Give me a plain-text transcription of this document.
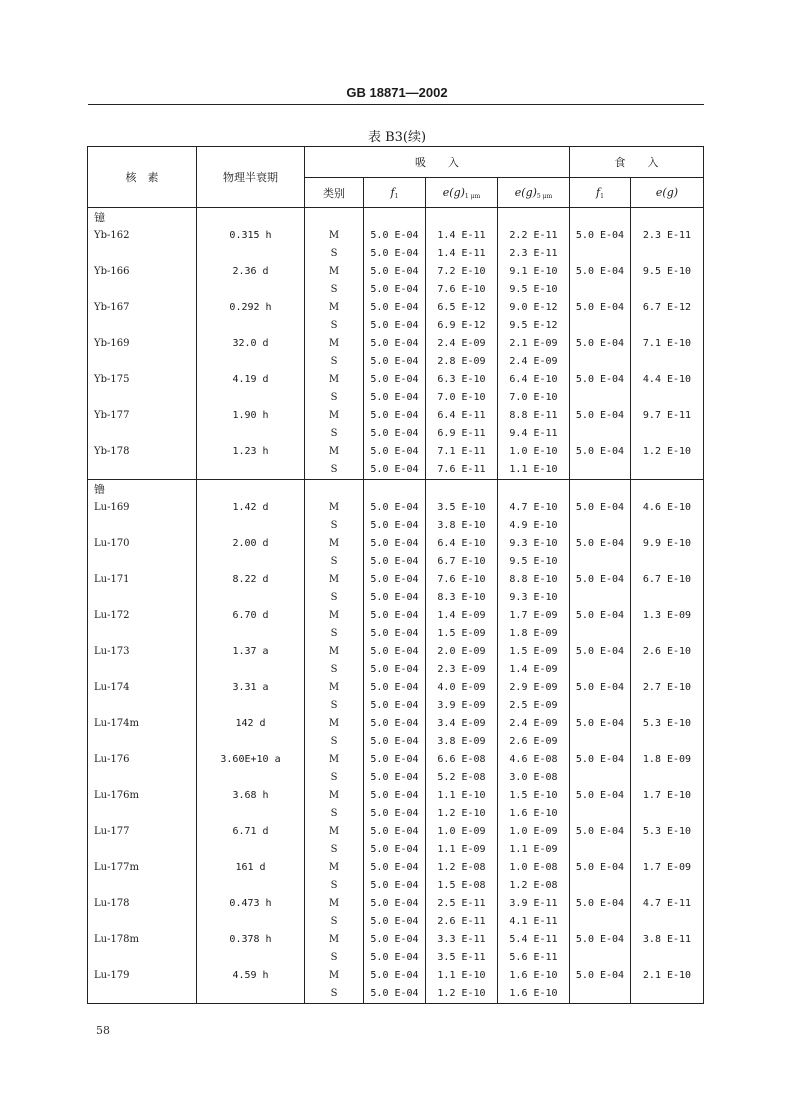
GB 18871—2002
表 B3(续)
核　素	物理半衰期	吸　　入				食　　入	
		类别	$f_1$	$e(g)_{1 \mu m}$	$e(g)_{5 \mu m}$	$f_1$	e(g)
镱							
Yb-162	0.315 h	M	5.0 E-04	1.4 E-11	2.2 E-11	5.0 E-04	2.3 E-11
		S	5.0 E-04	1.4 E-11	2.3 E-11		
Yb-166	2.36 d	M	5.0 E-04	7.2 E-10	9.1 E-10	5.0 E-04	9.5 E-10
		S	5.0 E-04	7.6 E-10	9.5 E-10		
Yb-167	0.292 h	M	5.0 E-04	6.5 E-12	9.0 E-12	5.0 E-04	6.7 E-12
		S	5.0 E-04	6.9 E-12	9.5 E-12		
Yb-169	32.0 d	M	5.0 E-04	2.4 E-09	2.1 E-09	5.0 E-04	7.1 E-10
		S	5.0 E-04	2.8 E-09	2.4 E-09		
Yb-175	4.19 d	M	5.0 E-04	6.3 E-10	6.4 E-10	5.0 E-04	4.4 E-10
		S	5.0 E-04	7.0 E-10	7.0 E-10		
Yb-177	1.90 h	M	5.0 E-04	6.4 E-11	8.8 E-11	5.0 E-04	9.7 E-11
		S	5.0 E-04	6.9 E-11	9.4 E-11		
Yb-178	1.23 h	M	5.0 E-04	7.1 E-11	1.0 E-10	5.0 E-04	1.2 E-10
		S	5.0 E-04	7.6 E-11	1.1 E-10		
镥							
Lu-169	1.42 d	M	5.0 E-04	3.5 E-10	4.7 E-10	5.0 E-04	4.6 E-10
		S	5.0 E-04	3.8 E-10	4.9 E-10		
Lu-170	2.00 d	M	5.0 E-04	6.4 E-10	9.3 E-10	5.0 E-04	9.9 E-10
		S	5.0 E-04	6.7 E-10	9.5 E-10		
Lu-171	8.22 d	M	5.0 E-04	7.6 E-10	8.8 E-10	5.0 E-04	6.7 E-10
		S	5.0 E-04	8.3 E-10	9.3 E-10		
Lu-172	6.70 d	M	5.0 E-04	1.4 E-09	1.7 E-09	5.0 E-04	1.3 E-09
		S	5.0 E-04	1.5 E-09	1.8 E-09		
Lu-173	1.37 a	M	5.0 E-04	2.0 E-09	1.5 E-09	5.0 E-04	2.6 E-10
		S	5.0 E-04	2.3 E-09	1.4 E-09		
Lu-174	3.31 a	M	5.0 E-04	4.0 E-09	2.9 E-09	5.0 E-04	2.7 E-10
		S	5.0 E-04	3.9 E-09	2.5 E-09		
Lu-174m	142 d	M	5.0 E-04	3.4 E-09	2.4 E-09	5.0 E-04	5.3 E-10
		S	5.0 E-04	3.8 E-09	2.6 E-09		
Lu-176	3.60E+10 a	M	5.0 E-04	6.6 E-08	4.6 E-08	5.0 E-04	1.8 E-09
		S	5.0 E-04	5.2 E-08	3.0 E-08		
Lu-176m	3.68 h	M	5.0 E-04	1.1 E-10	1.5 E-10	5.0 E-04	1.7 E-10
		S	5.0 E-04	1.2 E-10	1.6 E-10		
Lu-177	6.71 d	M	5.0 E-04	1.0 E-09	1.0 E-09	5.0 E-04	5.3 E-10
		S	5.0 E-04	1.1 E-09	1.1 E-09		
Lu-177m	161 d	M	5.0 E-04	1.2 E-08	1.0 E-08	5.0 E-04	1.7 E-09
		S	5.0 E-04	1.5 E-08	1.2 E-08		
Lu-178	0.473 h	M	5.0 E-04	2.5 E-11	3.9 E-11	5.0 E-04	4.7 E-11
		S	5.0 E-04	2.6 E-11	4.1 E-11		
Lu-178m	0.378 h	M	5.0 E-04	3.3 E-11	5.4 E-11	5.0 E-04	3.8 E-11
		S	5.0 E-04	3.5 E-11	5.6 E-11		
Lu-179	4.59 h	M	5.0 E-04	1.1 E-10	1.6 E-10	5.0 E-04	2.1 E-10
		S	5.0 E-04	1.2 E-10	1.6 E-10		
58
